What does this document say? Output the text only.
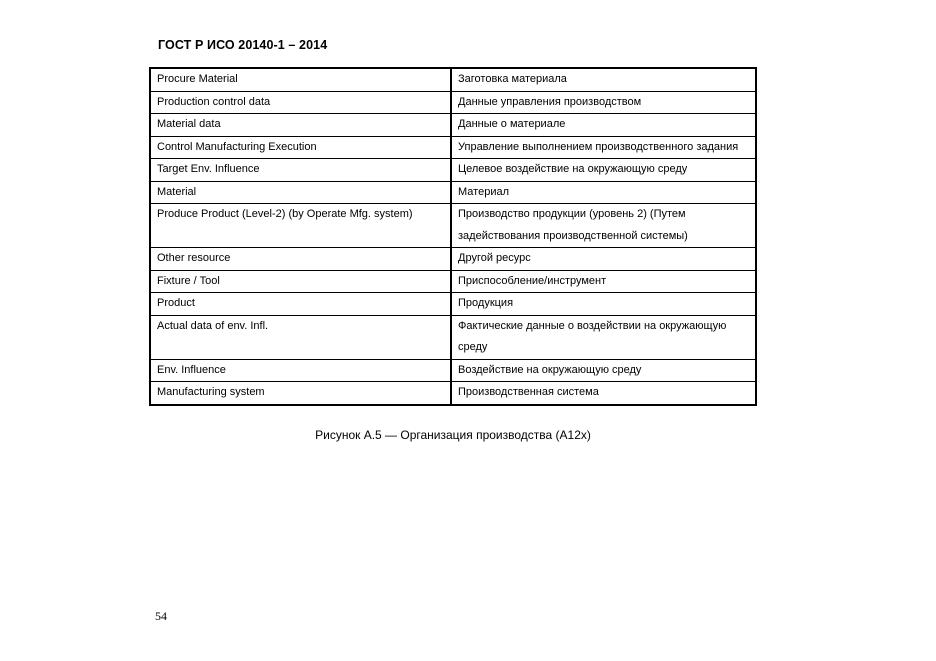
ГОСТ Р ИСО 20140-1 – 2014
Procure Material	Заготовка материала
Production control data	Данные управления производством
Material data	Данные о материале
Control Manufacturing Execution	Управление выполнением производственного задания
Target Env. Influence	Целевое воздействие на окружающую среду
Material	Материал
Produce Product (Level-2) (by Operate Mfg. system)	Производство продукции (уровень 2) (Путем задействования производственной системы)
Other resource	Другой ресурс
Fixture / Tool	Приспособление/инструмент
Product	Продукция
Actual data of env. Infl.	Фактические данные о воздействии на окружающую среду
Env. Influence	Воздействие на окружающую среду
Manufacturing system	Производственная система
Рисунок А.5 — Организация производства (А12х)
54
